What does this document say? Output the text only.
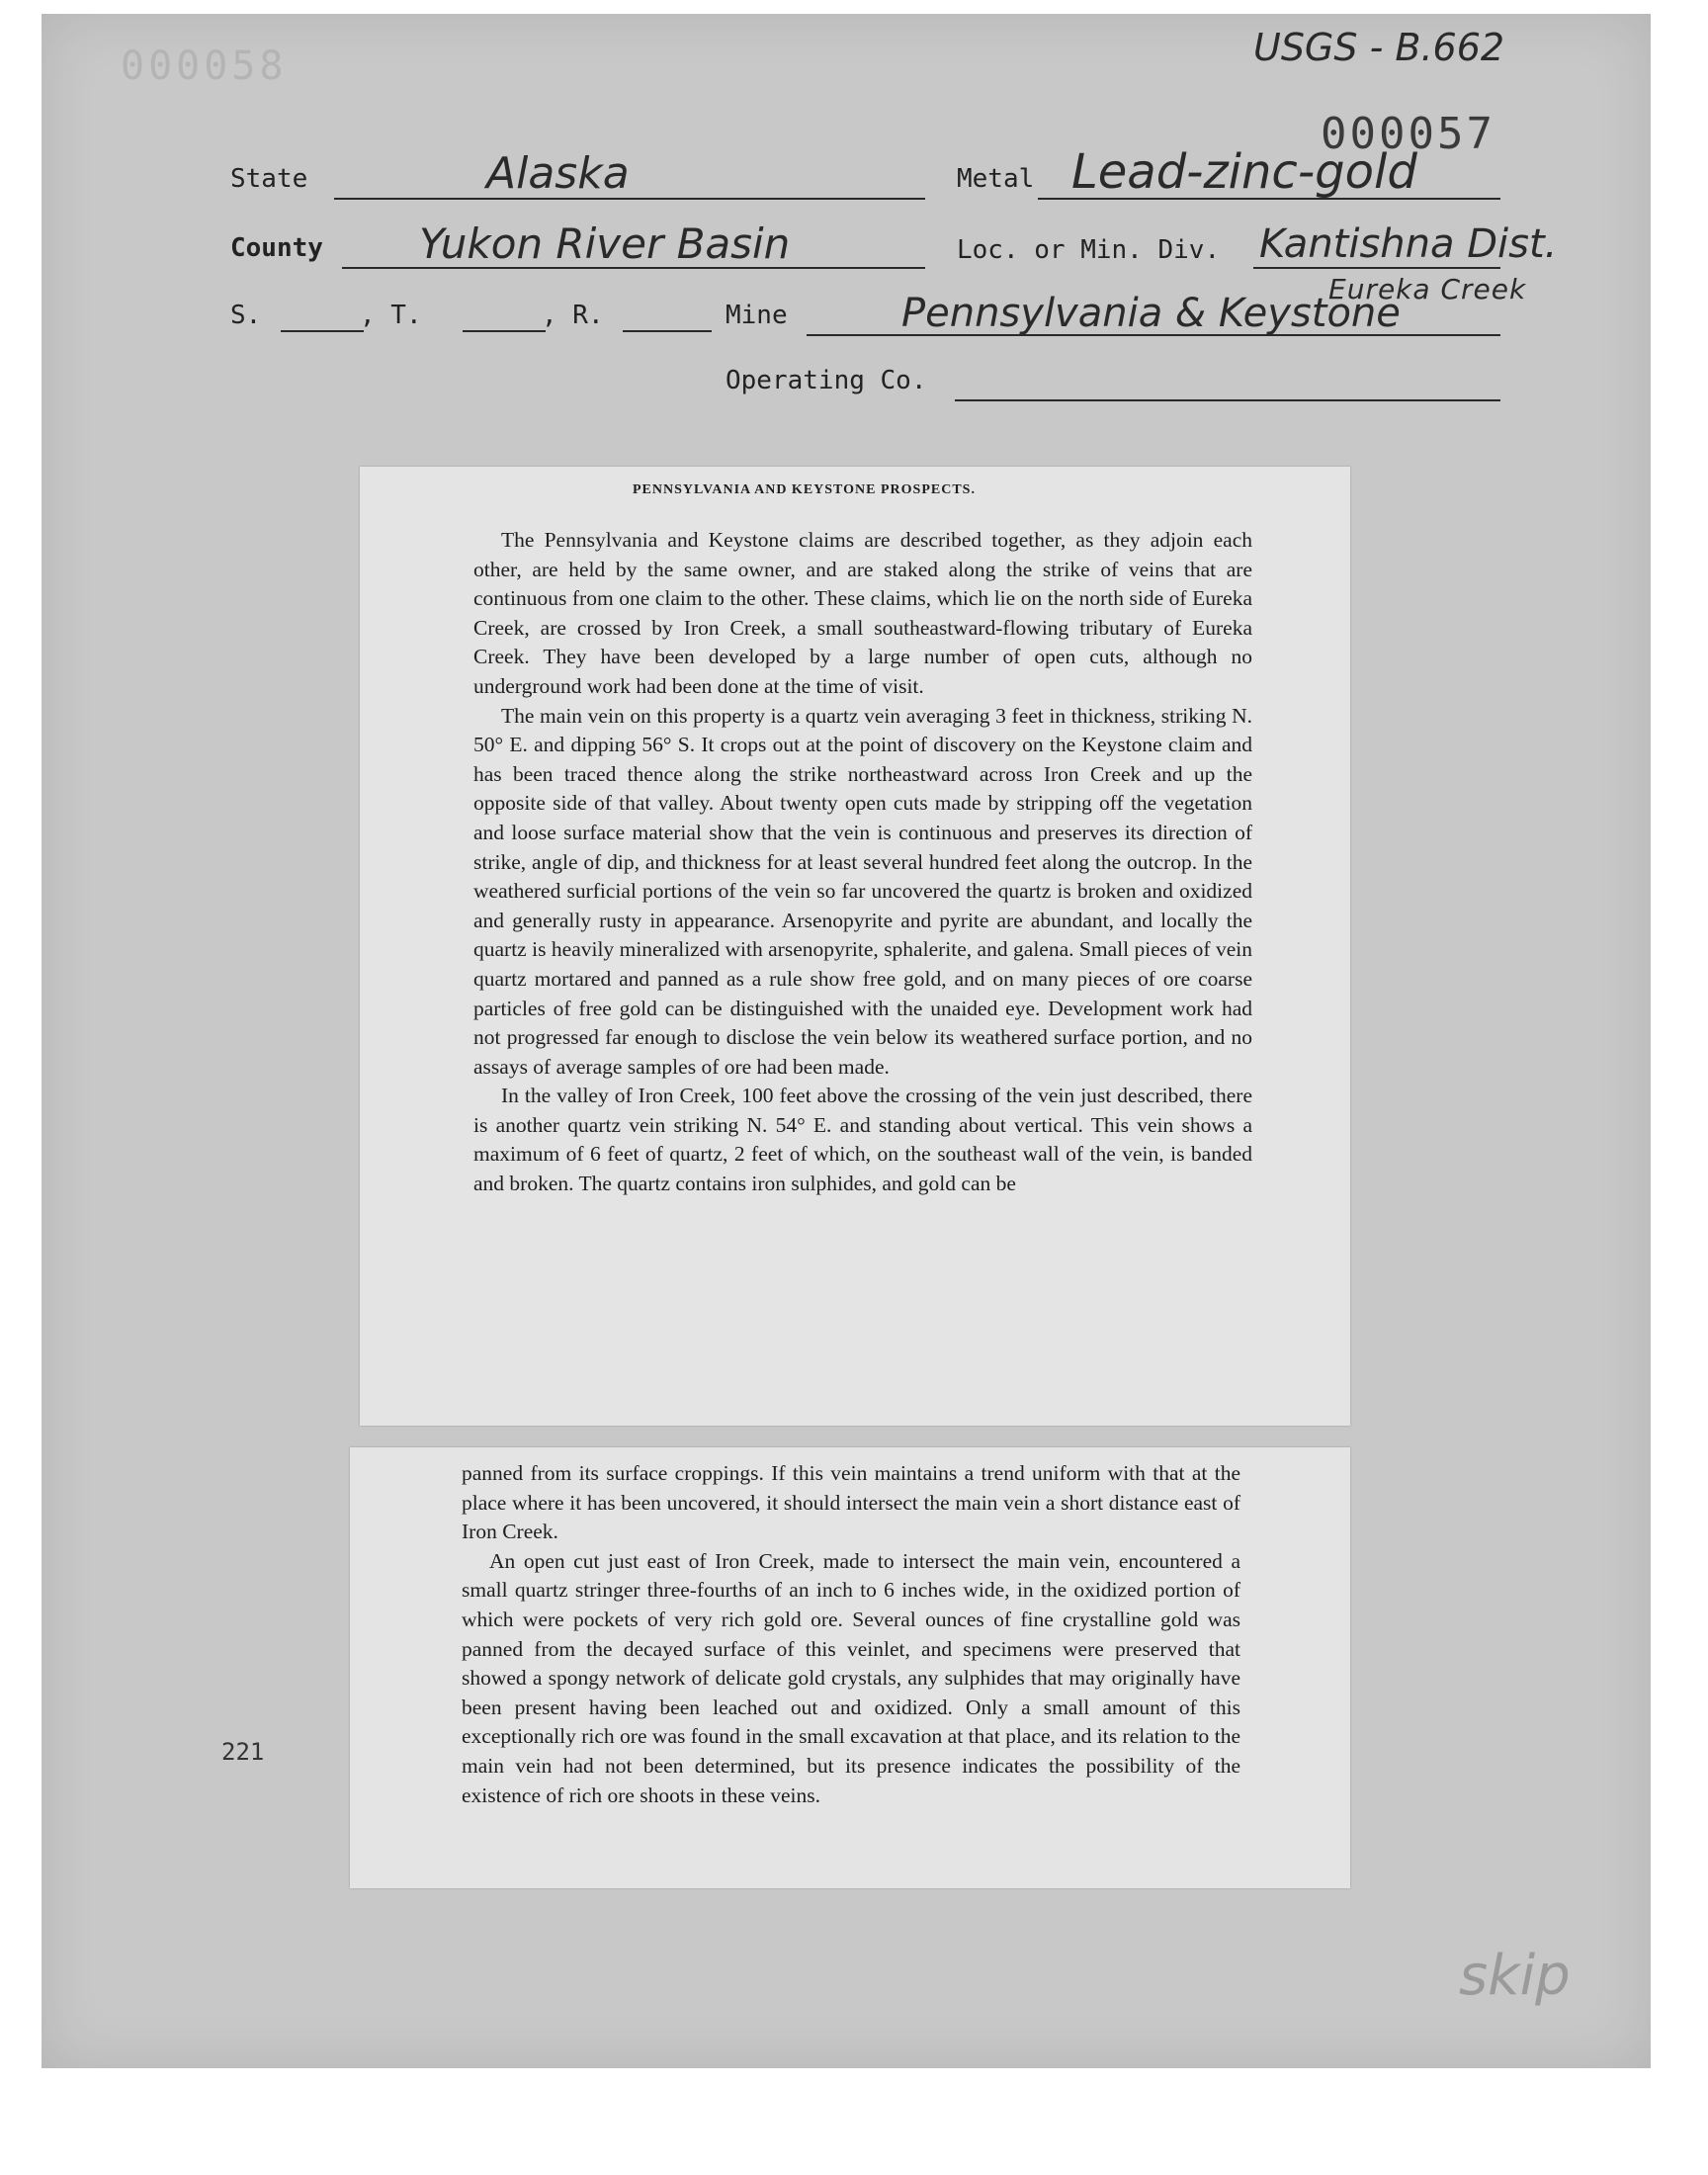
000058	USGS - B.662
000057
State	Alaska	Metal Lead-zinc-gold
County Yukon River Basin	Loc. or Min. Div. Kantishna Dist.
Eureka Creek
S.	, T.	, R.	Mine	Pennsylvania & Keystone
Operating Co.
PENNSYLVANIA AND KEYSTONE PROSPECTS.

The Pennsylvania and Keystone claims are described together, as they adjoin each other, are held by the same owner, and are staked along the strike of veins that are continuous from one claim to the other. These claims, which lie on the north side of Eureka Creek, are crossed by Iron Creek, a small southeastward-flowing tributary of Eureka Creek. They have been developed by a large number of open cuts, although no underground work had been done at the time of visit.

The main vein on this property is a quartz vein averaging 3 feet in thickness, striking N. 50° E. and dipping 56° S. It crops out at the point of discovery on the Keystone claim and has been traced thence along the strike northeastward across Iron Creek and up the opposite side of that valley. About twenty open cuts made by stripping off the vegetation and loose surface material show that the vein is continuous and preserves its direction of strike, angle of dip, and thickness for at least several hundred feet along the outcrop. In the weathered surficial portions of the vein so far uncovered the quartz is broken and oxidized and generally rusty in appearance. Arsenopyrite and pyrite are abundant, and locally the quartz is heavily mineralized with arsenopyrite, sphalerite, and galena. Small pieces of vein quartz mortared and panned as a rule show free gold, and on many pieces of ore coarse particles of free gold can be distinguished with the unaided eye. Development work had not progressed far enough to disclose the vein below its weathered surface portion, and no assays of average samples of ore had been made.

In the valley of Iron Creek, 100 feet above the crossing of the vein just described, there is another quartz vein striking N. 54° E. and standing about vertical. This vein shows a maximum of 6 feet of quartz, 2 feet of which, on the southeast wall of the vein, is banded and broken. The quartz contains iron sulphides, and gold can be

panned from its surface croppings. If this vein maintains a trend uniform with that at the place where it has been uncovered, it should intersect the main vein a short distance east of Iron Creek.

An open cut just east of Iron Creek, made to intersect the main vein, encountered a small quartz stringer three-fourths of an inch to 6 inches wide, in the oxidized portion of which were pockets of very rich gold ore. Several ounces of fine crystalline gold was panned from the decayed surface of this veinlet, and specimens were preserved that showed a spongy network of delicate gold crystals, any sulphides that may originally have been present having been leached out and oxidized. Only a small amount of this exceptionally rich ore was found in the small excavation at that place, and its relation to the main vein had not been determined, but its presence indicates the possibility of the existence of rich ore shoots in these veins.

221
skip
